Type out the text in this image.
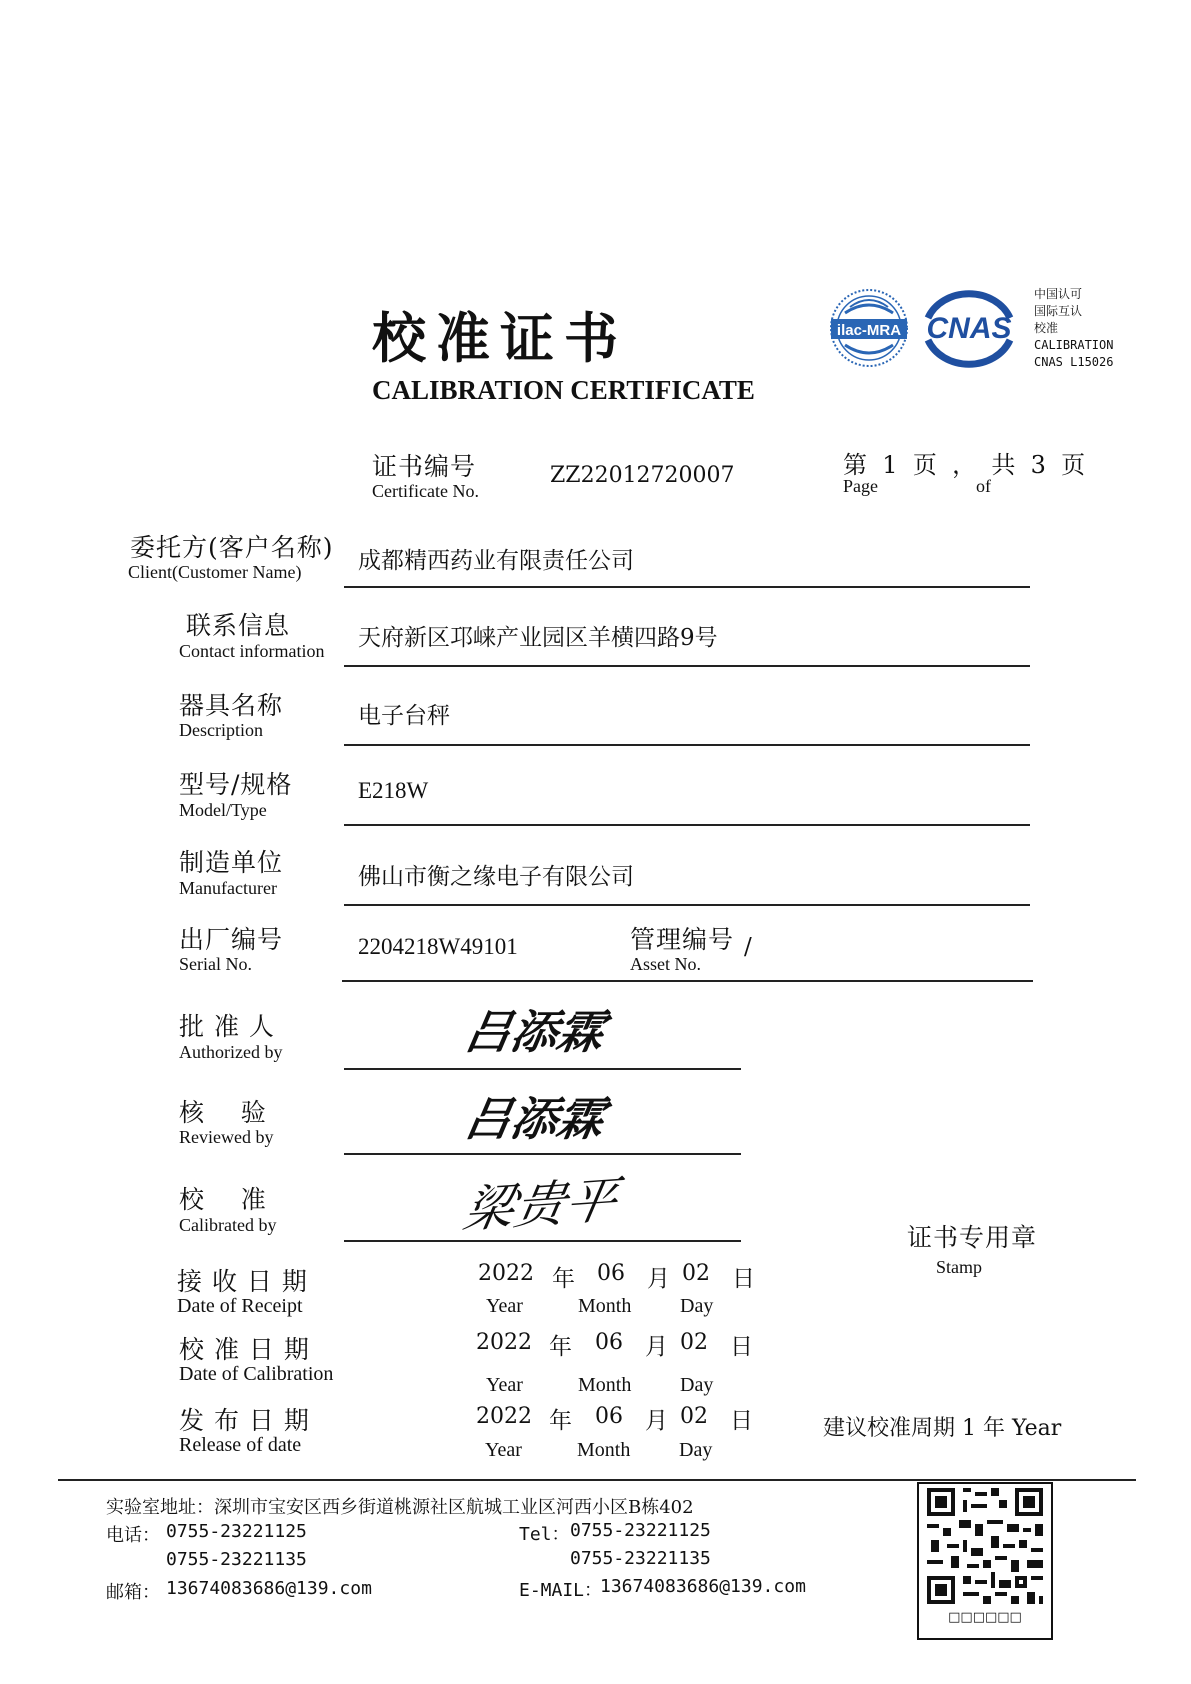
校准证书
CALIBRATION CERTIFICATE
ilac-MRA CNAS
中国认可
国际互认
校准
CALIBRATION
CNAS L15026
证书编号
Certificate No.
ZZ22012720007	第 1 页 ， 共 3 页
Page	of
委托方(客户名称)
Client(Customer Name) 成都精西药业有限责任公司
联系信息
Contact information 天府新区邛崃产业园区羊横四路9号
器具名称
Description
电子台秤
型号/规格
Model/Type
E218W
制造单位
Manufacturer	佛山市衡之缘电子有限公司
出厂编号
Serial No.
2204218W49101	管理编号
Asset No.
/
批 准 人
Authorized by	吕添霖
核    验
Reviewed by	吕添霖
校    准
Calibrated by	梁贵平	证书专用章
Stamp
接 收 日 期
Date of Receipt
2022 年 06 月 02 日
Year	Month Day
校 准 日 期
Date of Calibration
2022 年 06 月 02 日
Year	Month Day
发 布 日 期
Release of date
2022 年 06 月 02 日
Year	Month Day
建议校准周期 1 年 Year
实验室地址：深圳市宝安区西乡街道桃源社区航城工业区河西小区B栋402
电话： 0755-23221125
0755-23221135
邮箱： 13674083686@139.com
Tel： 0755-23221125
0755-23221135
E-MAIL：
13674083686@139.com
□□□□□□
